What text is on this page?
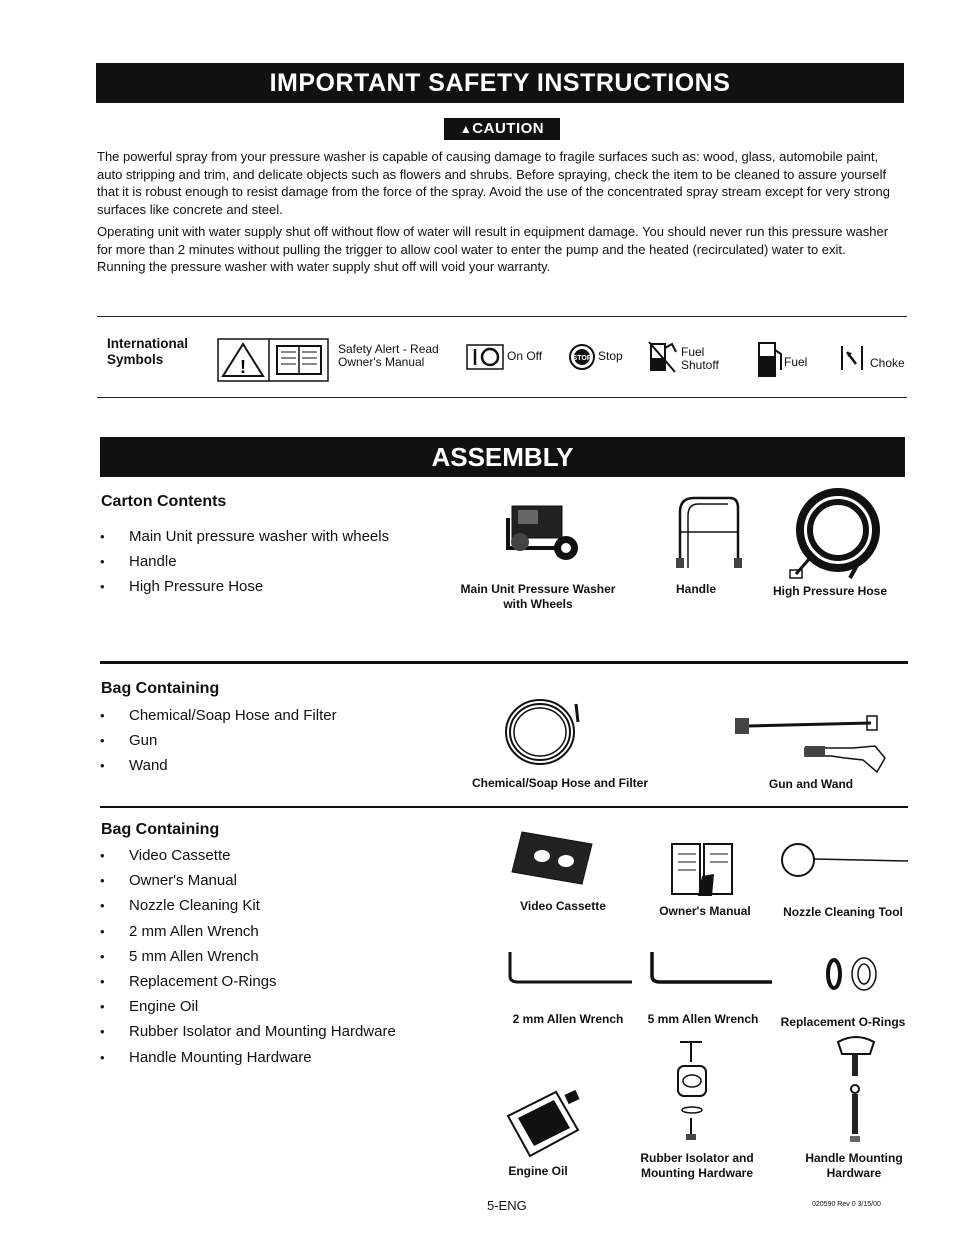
IMPORTANT SAFETY INSTRUCTIONS
▲CAUTION

The powerful spray from your pressure washer is capable of causing damage to fragile surfaces such as: wood, glass, automobile paint, auto stripping and trim, and delicate objects such as flowers and shrubs. Before spraying, check the item to be cleaned to assure yourself that it is robust enough to resist damage from the force of the spray. Avoid the use of the concentrated spray stream except for very strong surfaces like concrete and steel.

Operating unit with water supply shut off without flow of water will result in equipment damage. You should never run this pressure washer for more than 2 minutes without pulling the trigger to allow cool water to enter the pump and the heated (recirculated) water to exit. Running the pressure washer with water supply shut off will void your warranty.

International
Symbols	!
Safety Alert - Read
Owner's Manual	On Off	STOP Stop	Fuel
Shutoff	Fuel	Choke
ASSEMBLY
Carton Contents
• Main Unit pressure washer with wheels
• Handle
• High Pressure Hose	Main Unit Pressure Washer
with Wheels
Handle	High Pressure Hose
Bag Containing
• Chemical/Soap Hose and Filter
• Gun
• Wand
Chemical/Soap Hose and Filter	Gun and Wand
Bag Containing
• Video Cassette
• Owner's Manual
• Nozzle Cleaning Kit
• 2 mm Allen Wrench
• 5 mm Allen Wrench
• Replacement O-Rings
• Engine Oil
• Rubber Isolator and Mounting Hardware
• Handle Mounting Hardware
Video Cassette	Owner's Manual	Nozzle Cleaning Tool
2 mm Allen Wrench	5 mm Allen Wrench	Replacement O-Rings
Engine Oil
Rubber Isolator and
Mounting Hardware
Handle Mounting
Hardware
5-ENG	020590 Rev 0 3/15/00
